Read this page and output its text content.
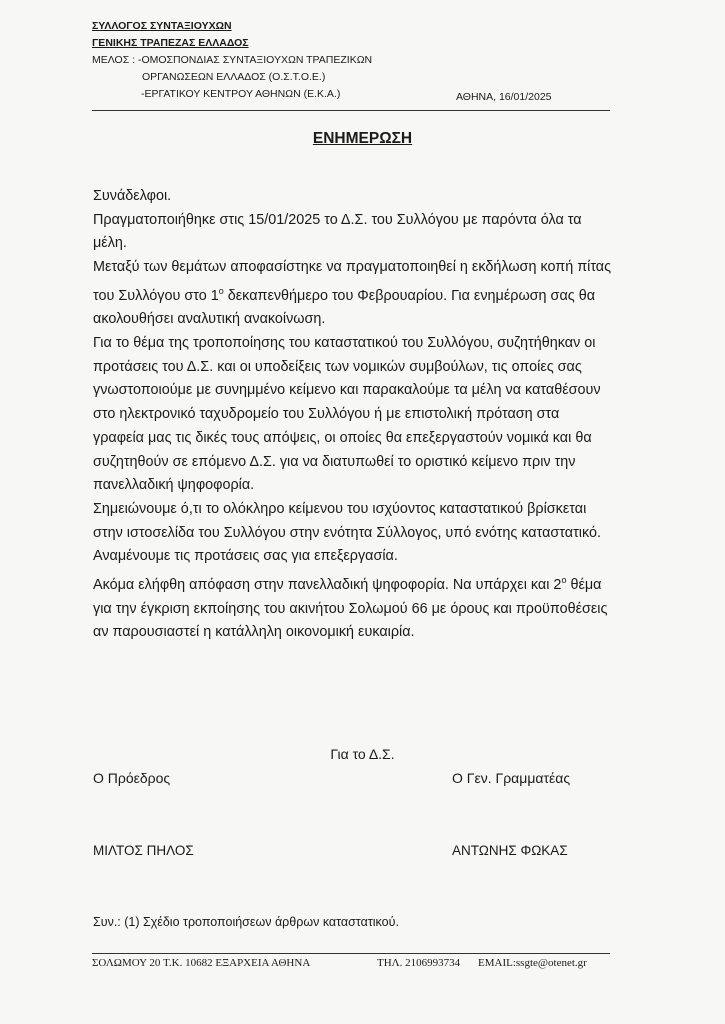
ΣΥΛΛΟΓΟΣ ΣΥΝΤΑΞΙΟΥΧΩΝ
ΓΕΝΙΚΗΣ ΤΡΑΠΕΖΑΣ ΕΛΛΑΔΟΣ
ΜΕΛΟΣ : -ΟΜΟΣΠΟΝΔΙΑΣ ΣΥΝΤΑΞΙΟΥΧΩΝ ΤΡΑΠΕΖΙΚΩΝ
ΟΡΓΑΝΩΣΕΩΝ ΕΛΛΑΔΟΣ (Ο.Σ.Τ.Ο.Ε.)
-ΕΡΓΑΤΙΚΟΥ ΚΕΝΤΡΟΥ ΑΘΗΝΩΝ (Ε.Κ.Α.)	ΑΘΗΝΑ, 16/01/2025
ΕΝΗΜΕΡΩΣΗ

Συνάδελφοι.

Πραγματοποιήθηκε στις 15/01/2025 το Δ.Σ. του Συλλόγου με παρόντα όλα τα μέλη.

Μεταξύ των θεμάτων αποφασίστηκε να πραγματοποιηθεί η εκδήλωση κοπή πίτας του Συλλόγου στο $1^o$ δεκαπενθήμερο του Φεβρουαρίου. Για ενημέρωση σας θα ακολουθήσει αναλυτική ανακοίνωση.

Για το θέμα της τροποποίησης του καταστατικού του Συλλόγου, συζητήθηκαν οι προτάσεις του Δ.Σ. και οι υποδείξεις των νομικών συμβούλων, τις οποίες σας γνωστοποιούμε με συνημμένο κείμενο και παρακαλούμε τα μέλη να καταθέσουν στο ηλεκτρονικό ταχυδρομείο του Συλλόγου ή με επιστολική πρόταση στα γραφεία μας τις δικές τους απόψεις, οι οποίες θα επεξεργαστούν νομικά και θα συζητηθούν σε επόμενο Δ.Σ. για να διατυπωθεί το οριστικό κείμενο πριν την πανελλαδική ψηφοφορία.

Σημειώνουμε ό,τι το ολόκληρο κείμενου του ισχύοντος καταστατικού βρίσκεται στην ιστοσελίδα του Συλλόγου στην ενότητα Σύλλογος, υπό ενότης καταστατικό.

Αναμένουμε τις προτάσεις σας για επεξεργασία.

Ακόμα ελήφθη απόφαση στην πανελλαδική ψηφοφορία. Να υπάρχει και $2^o$ θέμα για την έγκριση εκποίησης του ακινήτου Σολωμού 66 με όρους και προϋποθέσεις αν παρουσιαστεί η κατάλληλη οικονομική ευκαιρία.

Για το Δ.Σ.
Ο Πρόεδρος	Ο Γεν. Γραμματέας
ΜΙΛΤΟΣ ΠΗΛΟΣ	ΑΝΤΩΝΗΣ ΦΩΚΑΣ
Συν.: (1) Σχέδιο τροποποιήσεων άρθρων καταστατικού.
ΣΟΛΩΜΟΥ 20 Τ.Κ. 10682 ΕΞΑΡΧΕΙΑ ΑΘΗΝΑ	ΤΗΛ. 2106993734 EMAIL:ssgte@otenet.gr
